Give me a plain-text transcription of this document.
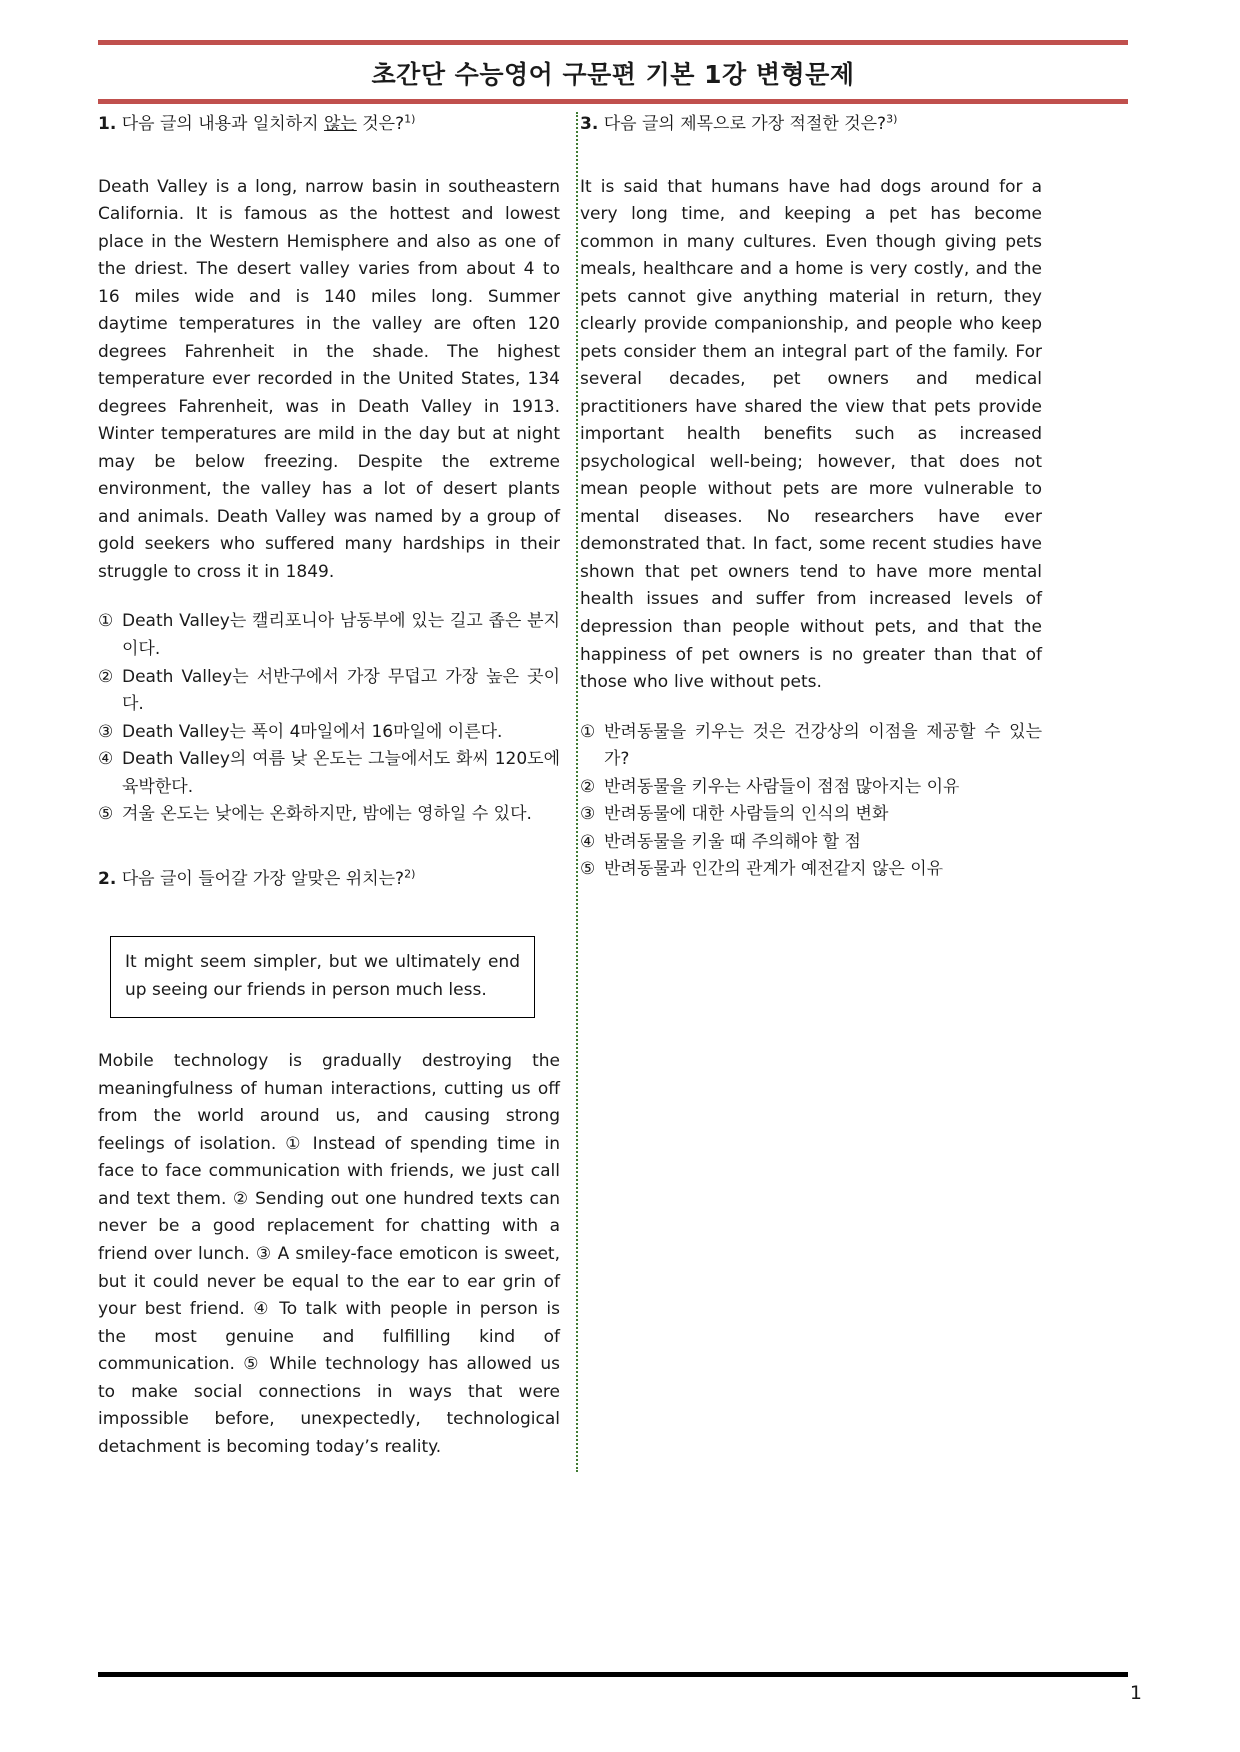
초간단 수능영어 구문편 기본 1강 변형문제
1. 다음 글의 내용과 일치하지 않는 것은?$^{1)}$

Death Valley is a long, narrow basin in southeastern California. It is famous as the hottest and lowest place in the Western Hemisphere and also as one of the driest. The desert valley varies from about 4 to 16 miles wide and is 140 miles long. Summer daytime temperatures in the valley are often 120 degrees Fahrenheit in the shade. The highest temperature ever recorded in the United States, 134 degrees Fahrenheit, was in Death Valley in 1913. Winter temperatures are mild in the day but at night may be below freezing. Despite the extreme environment, the valley has a lot of desert plants and animals. Death Valley was named by a group of gold seekers who suffered many hardships in their struggle to cross it in 1849.

① Death Valley는 캘리포니아 남동부에 있는 길고 좁은 분지이다.
② Death Valley는 서반구에서 가장 무덥고 가장 높은 곳이다.
③ Death Valley는 폭이 4마일에서 16마일에 이른다.
④ Death Valley의 여름 낮 온도는 그늘에서도 화씨 120도에 육박한다.
⑤ 겨울 온도는 낮에는 온화하지만, 밤에는 영하일 수 있다.
2. 다음 글이 들어갈 가장 알맞은 위치는?$^{2)}$
It might seem simpler, but we ultimately end up seeing our friends in person much less.

Mobile technology is gradually destroying the meaningfulness of human interactions, cutting us off from the world around us, and causing strong feelings of isolation. ① Instead of spending time in face to face communication with friends, we just call and text them. ② Sending out one hundred texts can never be a good replacement for chatting with a friend over lunch. ③ A smiley-face emoticon is sweet, but it could never be equal to the ear to ear grin of your best friend. ④ To talk with people in person is the most genuine and fulfilling kind of communication. ⑤ While technology has allowed us to make social connections in ways that were impossible before, unexpectedly, technological detachment is becoming today’s reality.

3. 다음 글의 제목으로 가장 적절한 것은?$^{3)}$

It is said that humans have had dogs around for a very long time, and keeping a pet has become common in many cultures. Even though giving pets meals, healthcare and a home is very costly, and the pets cannot give anything material in return, they clearly provide companionship, and people who keep pets consider them an integral part of the family. For several decades, pet owners and medical practitioners have shared the view that pets provide important health benefits such as increased psychological well-being; however, that does not mean people without pets are more vulnerable to mental diseases. No researchers have ever demonstrated that. In fact, some recent studies have shown that pet owners tend to have more mental health issues and suffer from increased levels of depression than people without pets, and that the happiness of pet owners is no greater than that of those who live without pets.

① 반려동물을 키우는 것은 건강상의 이점을 제공할 수 있는가?
② 반려동물을 키우는 사람들이 점점 많아지는 이유
③ 반려동물에 대한 사람들의 인식의 변화
④ 반려동물을 키울 때 주의해야 할 점
⑤ 반려동물과 인간의 관계가 예전같지 않은 이유
1
